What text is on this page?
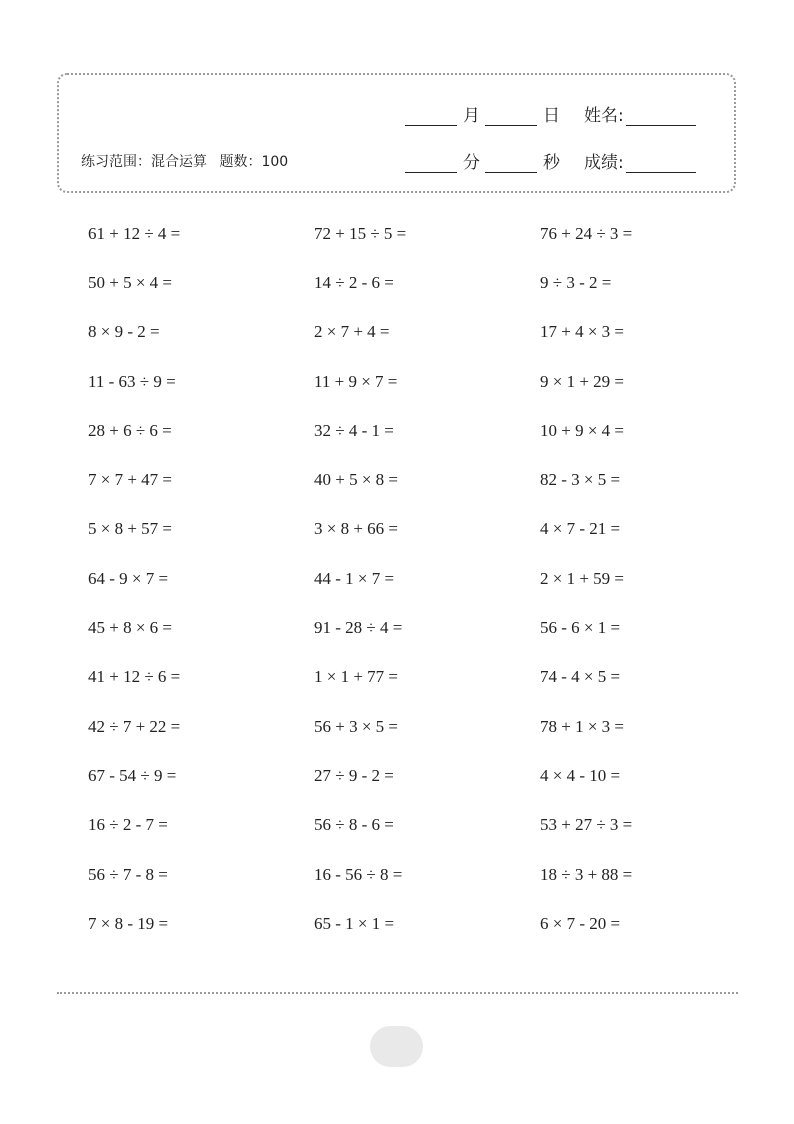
练习范围：混合运算 题数：100
月	日 姓名:
分	秒 成绩:
61 + 12 ÷ 4 =	72 + 15 ÷ 5 =	76 + 24 ÷ 3 =
50 + 5 × 4 =	14 ÷ 2 - 6 =	9 ÷ 3 - 2 =
8 × 9 - 2 =	2 × 7 + 4 =	17 + 4 × 3 =
11 - 63 ÷ 9 =	11 + 9 × 7 =	9 × 1 + 29 =
28 + 6 ÷ 6 =	32 ÷ 4 - 1 =	10 + 9 × 4 =
7 × 7 + 47 =	40 + 5 × 8 =	82 - 3 × 5 =
5 × 8 + 57 =	3 × 8 + 66 =	4 × 7 - 21 =
64 - 9 × 7 =	44 - 1 × 7 =	2 × 1 + 59 =
45 + 8 × 6 =	91 - 28 ÷ 4 =	56 - 6 × 1 =
41 + 12 ÷ 6 =	1 × 1 + 77 =	74 - 4 × 5 =
42 ÷ 7 + 22 =	56 + 3 × 5 =	78 + 1 × 3 =
67 - 54 ÷ 9 =	27 ÷ 9 - 2 =	4 × 4 - 10 =
16 ÷ 2 - 7 =	56 ÷ 8 - 6 =	53 + 27 ÷ 3 =
56 ÷ 7 - 8 =	16 - 56 ÷ 8 =	18 ÷ 3 + 88 =
7 × 8 - 19 =	65 - 1 × 1 =	6 × 7 - 20 =
